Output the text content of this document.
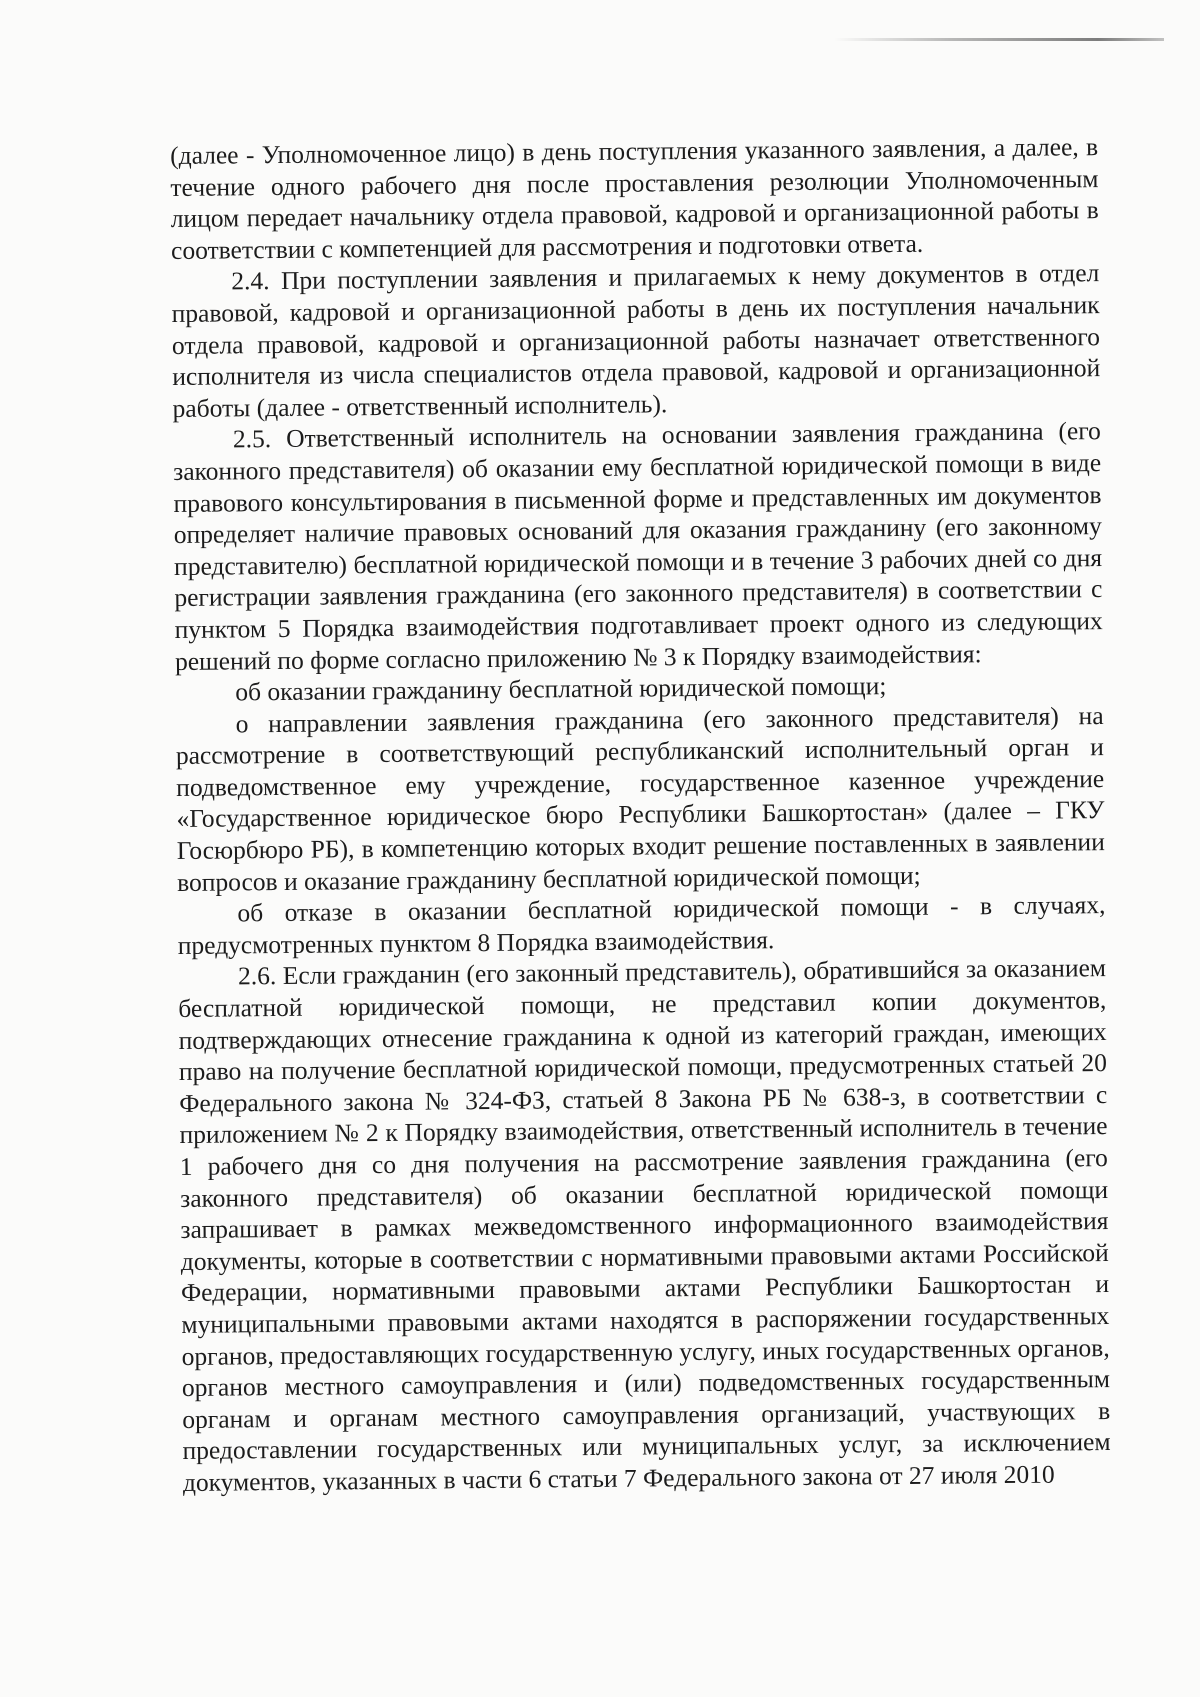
(далее - Уполномоченное лицо) в день поступления указанного заявления, а далее, в течение одного рабочего дня после проставления резолюции Уполномоченным лицом передает начальнику отдела правовой, кадровой и организационной работы в соответствии с компетенцией для рассмотрения и подготовки ответа.

2.4. При поступлении заявления и прилагаемых к нему документов в отдел правовой, кадровой и организационной работы в день их поступления начальник отдела правовой, кадровой и организационной работы назначает ответственного исполнителя из числа специалистов отдела правовой, кадровой и организационной работы (далее - ответственный исполнитель).

2.5. Ответственный исполнитель на основании заявления гражданина (его законного представителя) об оказании ему бесплатной юридической помощи в виде правового консультирования в письменной форме и представленных им документов определяет наличие правовых оснований для оказания гражданину (его законному представителю) бесплатной юридической помощи и в течение 3 рабочих дней со дня регистрации заявления гражданина (его законного представителя) в соответствии с пунктом 5 Порядка взаимодействия подготавливает проект одного из следующих решений по форме согласно приложению № 3 к Порядку взаимодействия:

об оказании гражданину бесплатной юридической помощи;

о направлении заявления гражданина (его законного представителя) на рассмотрение в соответствующий республиканский исполнительный орган и подведомственное ему учреждение, государственное казенное учреждение «Государственное юридическое бюро Республики Башкортостан» (далее – ГКУ Госюрбюро РБ), в компетенцию которых входит решение поставленных в заявлении вопросов и оказание гражданину бесплатной юридической помощи;

об отказе в оказании бесплатной юридической помощи - в случаях, предусмотренных пунктом 8 Порядка взаимодействия.

2.6. Если гражданин (его законный представитель), обратившийся за оказанием бесплатной юридической помощи, не представил копии документов, подтверждающих отнесение гражданина к одной из категорий граждан, имеющих право на получение бесплатной юридической помощи, предусмотренных статьей 20 Федерального закона № 324-ФЗ, статьей 8 Закона РБ № 638-з, в соответствии с приложением № 2 к Порядку взаимодействия, ответственный исполнитель в течение 1 рабочего дня со дня получения на рассмотрение заявления гражданина (его законного представителя) об оказании бесплатной юридической помощи запрашивает в рамках межведомственного информационного взаимодействия документы, которые в соответствии с нормативными правовыми актами Российской Федерации, нормативными правовыми актами Республики Башкортостан и муниципальными правовыми актами находятся в распоряжении государственных органов, предоставляющих государственную услугу, иных государственных органов, органов местного самоуправления и (или) подведомственных государственным органам и органам местного самоуправления организаций, участвующих в предоставлении государственных или муниципальных услуг, за исключением документов, указанных в части 6 статьи 7 Федерального закона от 27 июля 2010
